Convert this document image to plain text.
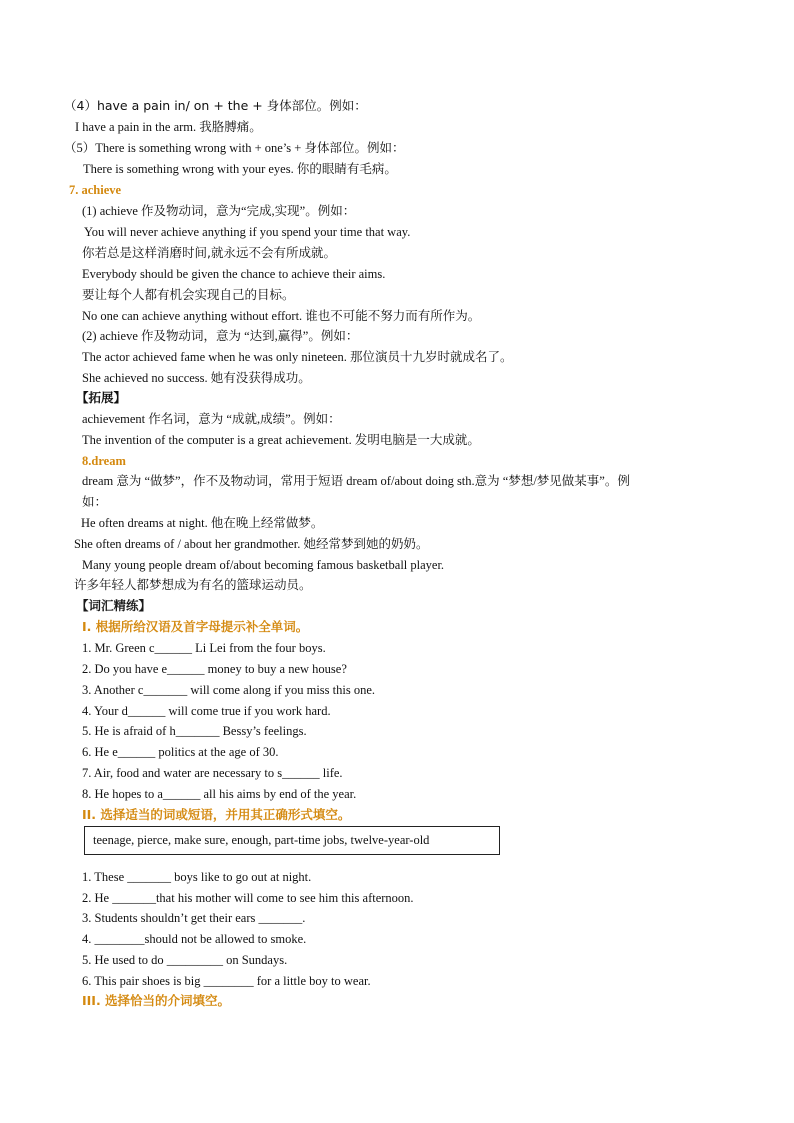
（4）have a pain in/ on + the + 身体部位。例如：
I have a pain in the arm. 我胳膊痛。
（5）There is something wrong with + one’s + 身体部位。例如：
There is something wrong with your eyes. 你的眼睛有毛病。
7. achieve
(1) achieve 作及物动词，意为“完成,实现”。例如：
You will never achieve anything if you spend your time that way.
你若总是这样消磨时间,就永远不会有所成就。
Everybody should be given the chance to achieve their aims.
要让每个人都有机会实现自己的目标。
No one can achieve anything without effort. 谁也不可能不努力而有所作为。
(2) achieve 作及物动词，意为 “达到,赢得”。例如：
The actor achieved fame when he was only nineteen. 那位演员十九岁时就成名了。
She achieved no success. 她有没获得成功。
【拓展】
achievement 作名词，意为 “成就,成绩”。例如：
The invention of the computer is a great achievement. 发明电脑是一大成就。
8.dream
dream 意为 “做梦”，作不及物动词，常用于短语 dream of/about doing sth.意为 “梦想/梦见做某事”。例
如：
He often dreams at night. 他在晚上经常做梦。
She often dreams of / about her grandmother. 她经常梦到她的奶奶。
Many young people dream of/about becoming famous basketball player.
许多年轻人都梦想成为有名的篮球运动员。
【词汇精练】
I. 根据所给汉语及首字母提示补全单词。
1. Mr. Green c______ Li Lei from the four boys.
2. Do you have e______ money to buy a new house?
3. Another c_______ will come along if you miss this one.
4. Your d______ will come true if you work hard.
5. He is afraid of h_______ Bessy’s feelings.
6. He e______ politics at the age of 30.
7. Air, food and water are necessary to s______ life.
8. He hopes to a______ all his aims by end of the year.
II. 选择适当的词或短语，并用其正确形式填空。
teenage, pierce, make sure, enough, part-time jobs, twelve-year-old
1. These _______ boys like to go out at night.
2. He _______that his mother will come to see him this afternoon.
3. Students shouldn’t get their ears _______.
4. ________should not be allowed to smoke.
5. He used to do _________ on Sundays.
6. This pair shoes is big ________ for a little boy to wear.
III. 选择恰当的介词填空。
